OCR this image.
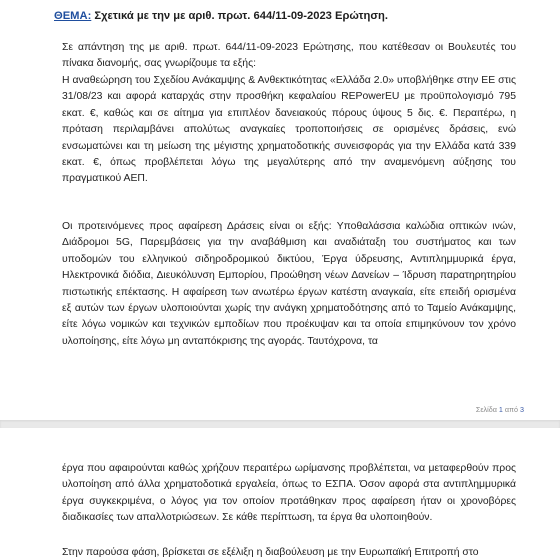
ΘΕΜΑ: Σχετικά με την με αριθ. πρωτ. 644/11-09-2023 Ερώτηση.

Σε απάντηση της με αριθ. πρωτ. 644/11-09-2023 Ερώτησης, που κατέθεσαν οι Βουλευτές του πίνακα διανομής, σας γνωρίζουμε τα εξής:

Η αναθεώρηση του Σχεδίου Ανάκαμψης & Ανθεκτικότητας «Ελλάδα 2.0» υποβλήθηκε στην ΕΕ στις 31/08/23 και αφορά καταρχάς στην προσθήκη κεφαλαίου REPowerEU με προϋπολογισμό 795 εκατ. €, καθώς και σε αίτημα για επιπλέον δανειακούς πόρους ύψους 5 δις. €. Περαιτέρω, η πρόταση περιλαμβάνει απολύτως αναγκαίες τροποποιήσεις σε ορισμένες δράσεις, ενώ ενσωματώνει και τη μείωση της μέγιστης χρηματοδοτικής συνεισφοράς για την Ελλάδα κατά 339 εκατ. €, όπως προβλέπεται λόγω της μεγαλύτερης από την αναμενόμενη αύξησης του πραγματικού ΑΕΠ.

Οι προτεινόμενες προς αφαίρεση Δράσεις είναι οι εξής: Υποθαλάσσια καλώδια οπτικών ινών, Διάδρομοι 5G, Παρεμβάσεις για την αναβάθμιση και αναδιάταξη του συστήματος και των υποδομών του ελληνικού σιδηροδρομικού δικτύου, Έργα ύδρευσης, Αντιπλημμυρικά έργα, Ηλεκτρονικά διόδια, Διευκόλυνση Εμπορίου, Προώθηση νέων Δανείων – Ίδρυση παρατηρητηρίου πιστωτικής επέκτασης. Η αφαίρεση των ανωτέρω έργων κατέστη αναγκαία, είτε επειδή ορισμένα εξ αυτών των έργων υλοποιούνται χωρίς την ανάγκη χρηματοδότησης από το Ταμείο Ανάκαμψης, είτε λόγω νομικών και τεχνικών εμποδίων που προέκυψαν και τα οποία επιμηκύνουν τον χρόνο υλοποίησης, είτε λόγω μη ανταπόκρισης της αγοράς. Ταυτόχρονα, τα

Σελίδα 1 από 3

έργα που αφαιρούνται καθώς χρήζουν περαιτέρω ωρίμανσης προβλέπεται, να μεταφερθούν προς υλοποίηση από άλλα χρηματοδοτικά εργαλεία, όπως το ΕΣΠΑ. Όσον αφορά στα αντιπλημμυρικά έργα συγκεκριμένα, ο λόγος για τον οποίον προτάθηκαν προς αφαίρεση ήταν οι χρονοβόρες διαδικασίες των απαλλοτριώσεων. Σε κάθε περίπτωση, τα έργα θα υλοποιηθούν.

Στην παρούσα φάση, βρίσκεται σε εξέλιξη η διαβούλευση με την Ευρωπαϊκή Επιτροπή στο
